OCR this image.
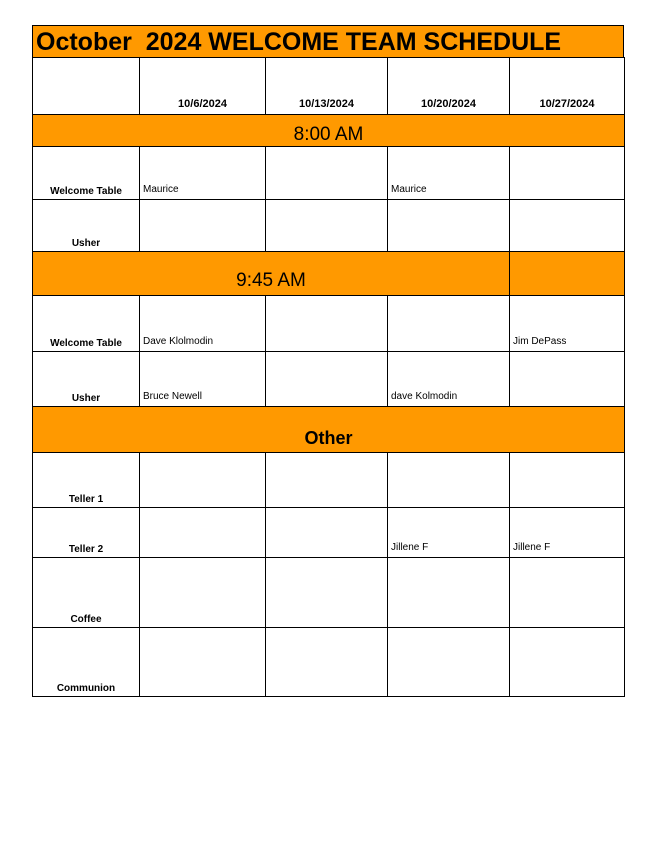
October  2024 WELCOME TEAM SCHEDULE
	10/6/2024	10/13/2024	10/20/2024	10/27/2024
8:00 AM				
Welcome Table	Maurice		Maurice	
Usher				
9:45 AM				
Welcome Table	Dave Klolmodin			Jim DePass
Usher	Bruce Newell		dave Kolmodin	
Other				
Teller 1				
Teller 2			Jillene F	Jillene F
Coffee				
Communion				
